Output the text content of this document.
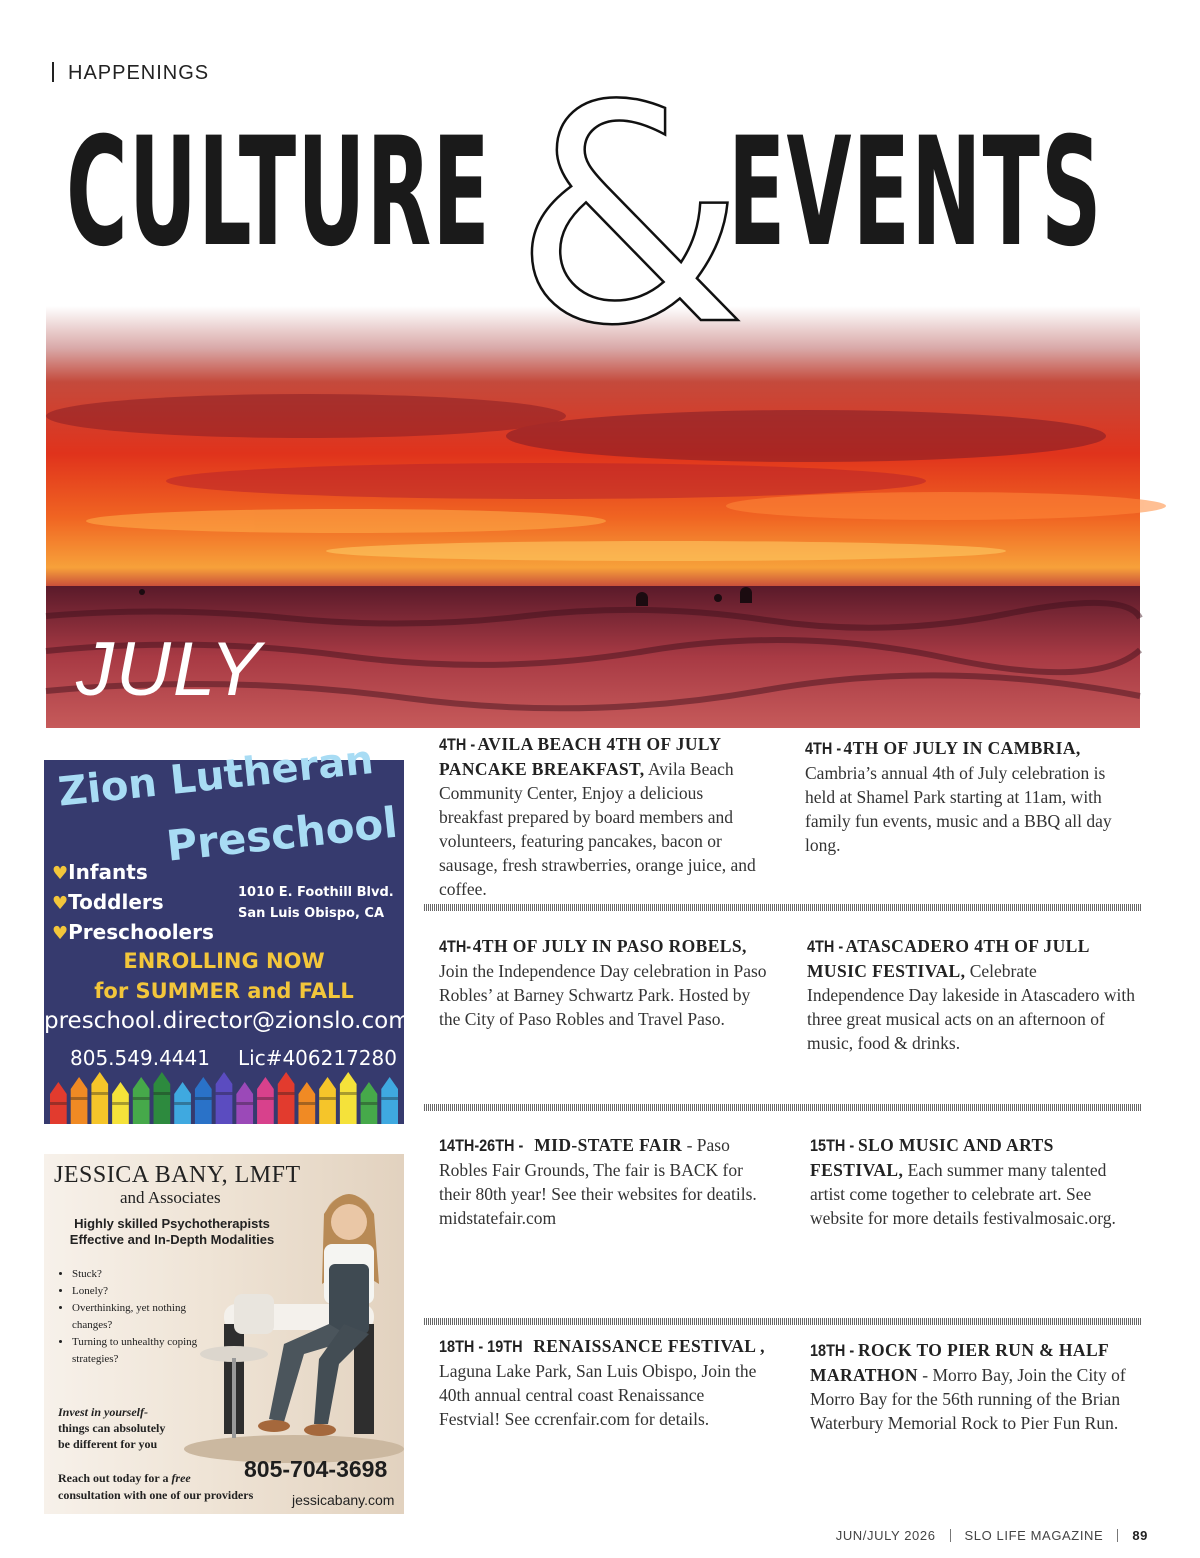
HAPPENINGS
CULTURE &
EVENTS
JULY
Zion Lutheran
Preschool
♥Infants
♥Toddlers
♥Preschoolers
1010 E. Foothill Blvd.
San Luis Obispo, CA
ENROLLING NOW
for SUMMER and FALL
preschool.director@zionslo.com
805.549.4441 Lic#406217280
JESSICA BANY, LMFT
and Associates
Highly skilled Psychotherapists
Effective and In-Depth Modalities
• Stuck?
• Lonely?
• Overthinking, yet nothing changes?
• Turning to unhealthy coping strategies?
Invest in yourself-
things can absolutely
be different for you
Reach out today for a free
consultation with one of our providers
805-704-3698
jessicabany.com
4TH -AVILA BEACH 4TH OF JULY PANCAKE BREAKFAST, Avila Beach Community Center, Enjoy a delicious breakfast prepared by board members and volunteers, featuring pancakes, bacon or sausage, fresh strawberries, orange juice, and coffee.
4TH -4TH OF JULY IN CAMBRIA, Cambria’s annual 4th of July celebration is held at Shamel Park starting at 11am, with family fun events, music and a BBQ all day long.
4TH-4TH OF JULY IN PASO ROBELS, Join the Independence Day celebration in Paso Robles’ at Barney Schwartz Park. Hosted by the City of Paso Robles and Travel Paso.
4TH -ATASCADERO 4TH OF JULL MUSIC FESTIVAL, Celebrate Independence Day lakeside in Atascadero with three great musical acts on an afternoon of music, food & drinks.
14TH-26TH -MID-STATE FAIR - Paso Robles Fair Grounds, The fair is BACK for their 80th year! See their websites for deatils. midstatefair.com
15TH -SLO MUSIC AND ARTS FESTIVAL, Each summer many talented artist come together to celebrate art. See website for more details festivalmosaic.org.
18TH - 19THRENAISSANCE FESTIVAL , Laguna Lake Park, San Luis Obispo, Join the 40th annual central coast Renaissance Festvial! See ccrenfair.com for details.
18TH -ROCK TO PIER RUN & HALF MARATHON - Morro Bay, Join the City of Morro Bay for the 56th running of the Brian Waterbury Memorial Rock to Pier Fun Run.
JUN/JULY 2026 SLO LIFE MAGAZINE 89
